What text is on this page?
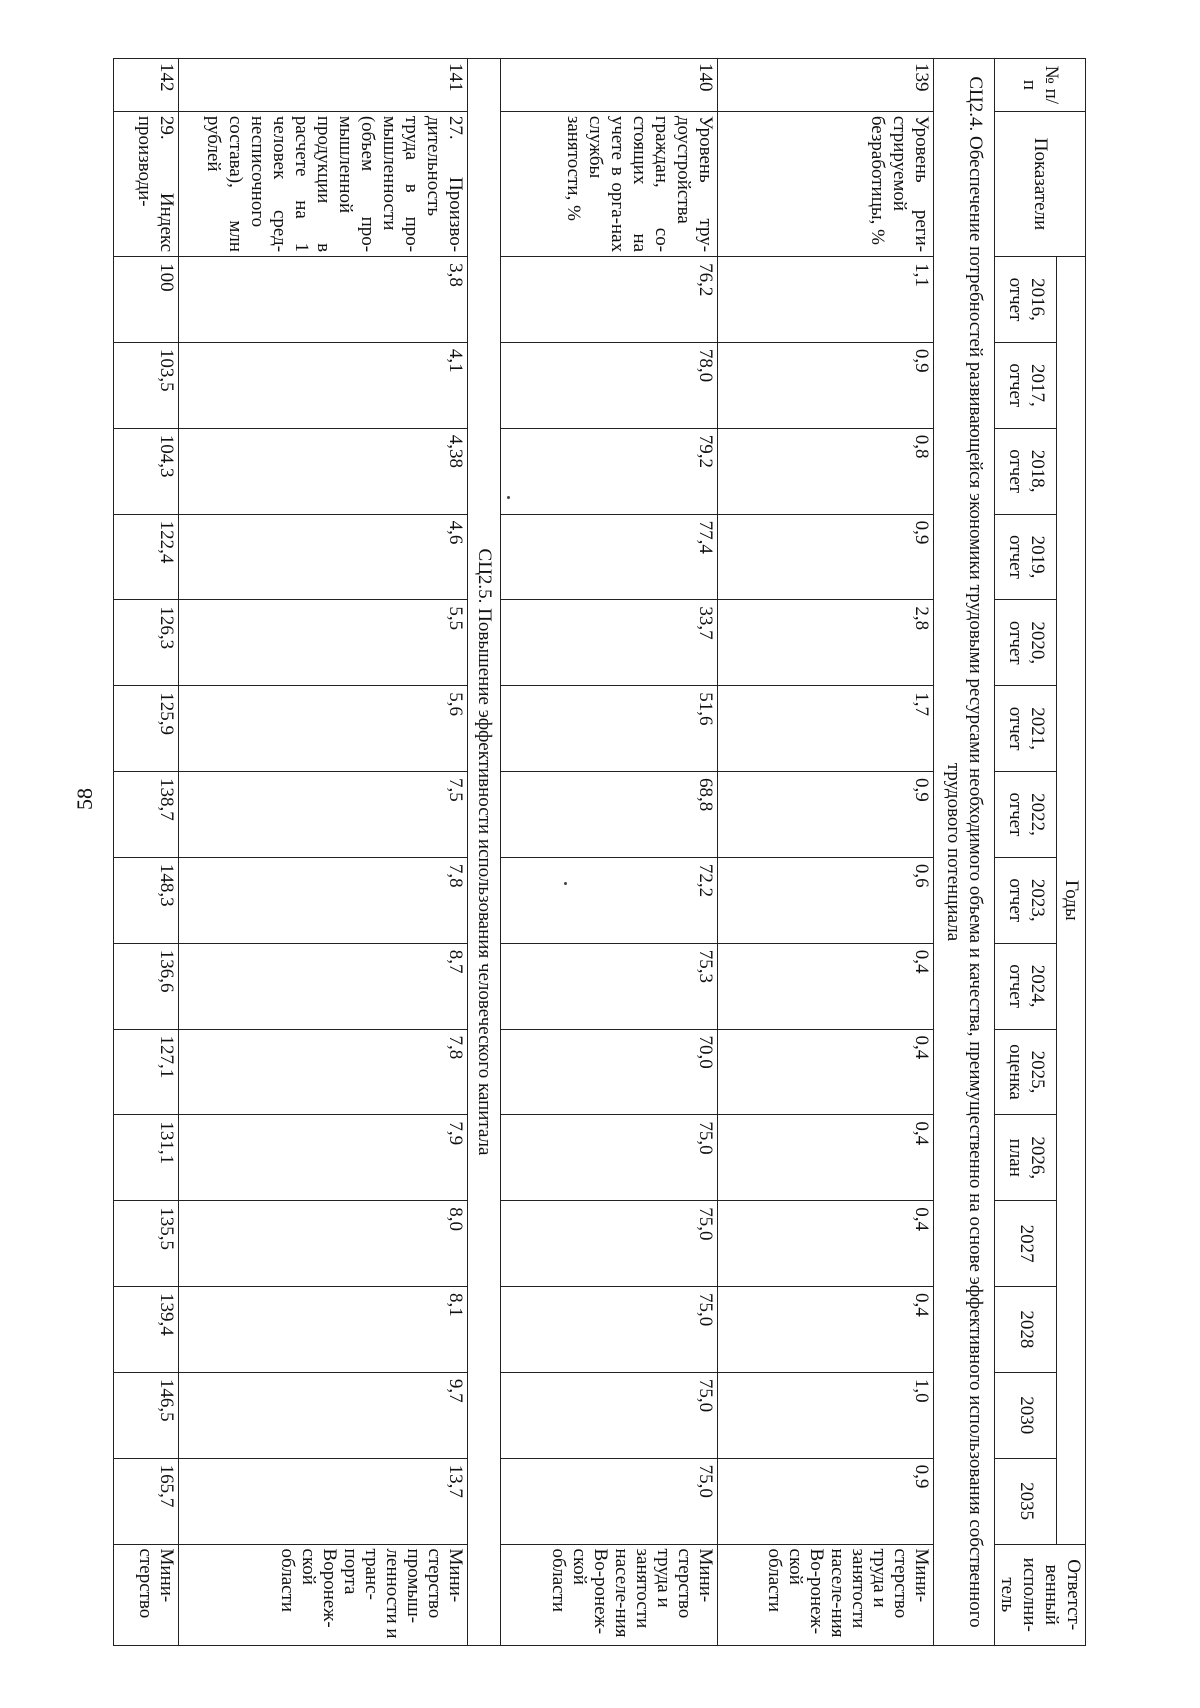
58
№ п/п	Показатели	Годы															Ответст-венный исполни-тель
		2016, отчет	2017, отчет	2018, отчет	2019, отчет	2020, отчет	2021, отчет	2022, отчет	2023, отчет	2024, отчет	2025, оценка	2026, план	2027	2028	2030	2035	
СЦ2.4. Обеспечение потребностей развивающейся экономики трудовыми ресурсами необходимого объема и качества, преимущественно на основе эффективного использования собственного трудового потенциала																	
139	Уровень реги-стрируемой безработицы, %	1,1	0,9	0,8	0,9	2,8	1,7	0,9	0,6	0,4	0,4	0,4	0,4	0,4	1,0	0,9	Мини-стерство труда и занятости населе-ния Во-ронеж-ской области
140	Уровень тру-доустройства граждан, со-стоящих на учете в орга-нах службы занятости, %	76,2	78,0	79,2	77,4	33,7	51,6	68,8	72,2	75,3	70,0	75,0	75,0	75,0	75,0	75,0	Мини-стерство труда и занятости населе-ния Во-ронеж-ской области
СЦ2.5. Повышение эффективности использования человеческого капитала																	
141	27. Произво-дительность труда в про-мышленности (объем про-мышленной продукции в расчете на 1 человек сред-несписочного состава), млн рублей	3,8	4,1	4,38	4,6	5,5	5,6	7,5	7,8	8,7	7,8	7,9	8,0	8,1	9,7	13,7	Мини-стерство промыш-ленности и транс-порта Воронеж-ской области
142	29. Индекс производи-	100	103,5	104,3	122,4	126,3	125,9	138,7	148,3	136,6	127,1	131,1	135,5	139,4	146,5	165,7	Мини-стерство
